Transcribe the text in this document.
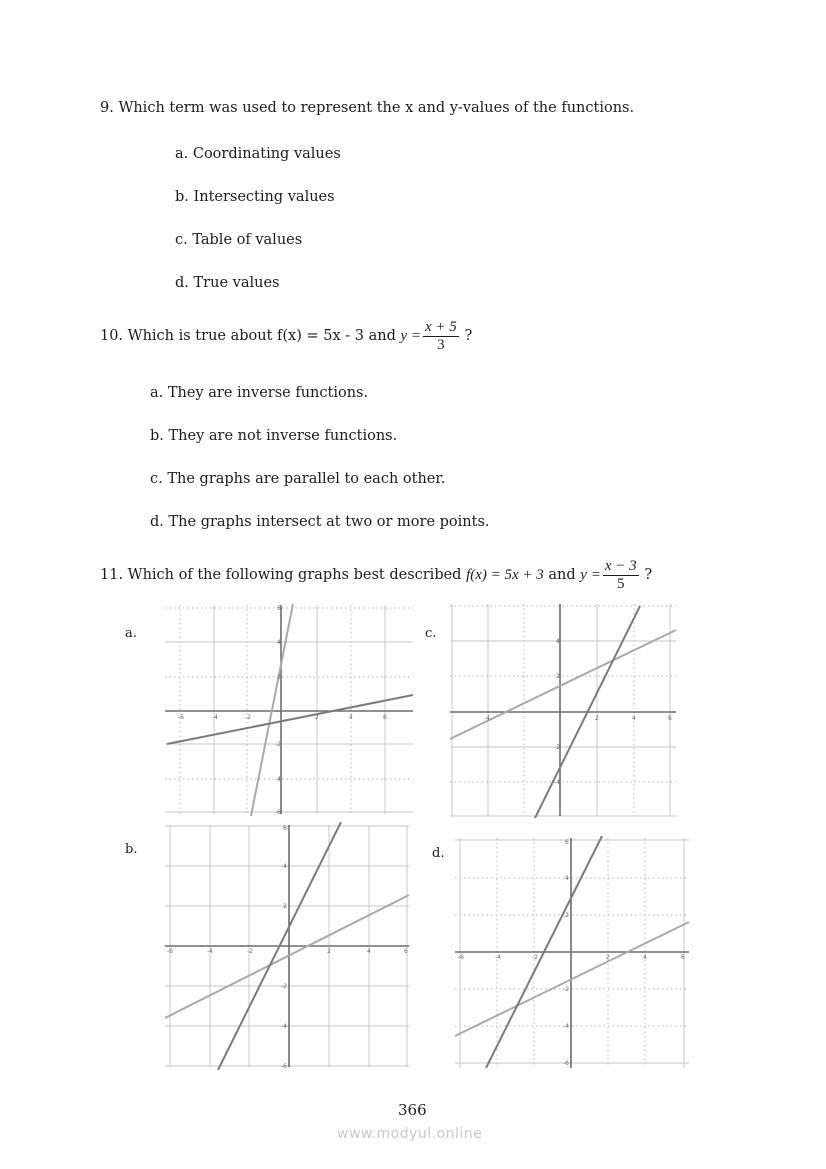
9. Which term was used to represent the x and y-values of the functions.
a. Coordinating values
b. Intersecting values
c. Table of values
d. True values
10. Which is true about f(x) = 5x - 3 and $y = \frac{x + 5}{3}$ ?
a. They are inverse functions.
b. They are not inverse functions.
c. The graphs are parallel to each other.
d. The graphs intersect at two or more points.
11. Which of the following graphs best described f(x) = 5x + 3 and $y = \frac{x - 3}{5}$ ?
a.	c.
b.	d.
-6	-4	-2	2	4	6
6
4
2
-2
-4
-6
-4	2	4	6
4
2
-2
-4
-6	-4	-2	2	4	6
6
4
2
-2
-4
-6
-6	-4	-2	2	4	6
6
4
2
-2
-4
-6
366
www.modyul.online
